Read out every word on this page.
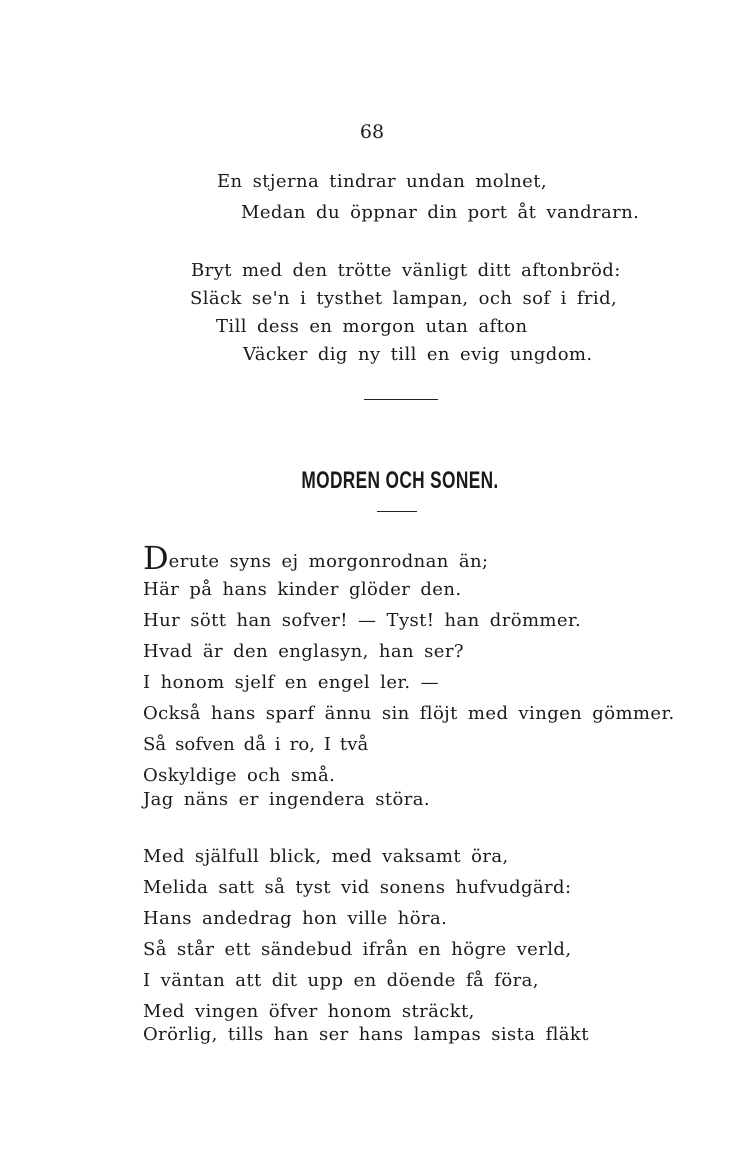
68
En stjerna tindrar undan molnet,
Medan du öppnar din port åt vandrarn.
Bryt med den trötte vänligt ditt aftonbröd:
Släck se'n i tysthet lampan, och sof i frid,
Till dess en morgon utan afton
Väcker dig ny till en evig ungdom.
MODREN OCH SONEN.
Derute syns ej morgonrodnan än;
Här på hans kinder glöder den.
Hur sött han sofver! — Tyst! han drömmer.
Hvad är den englasyn, han ser?
I honom sjelf en engel ler. —
Också hans sparf ännu sin flöjt med vingen gömmer.
Så sofven då i ro, I två
Oskyldige och små.
Jag näns er ingendera störa.
Med själfull blick, med vaksamt öra,
Melida satt så tyst vid sonens hufvudgärd:
Hans andedrag hon ville höra.
Så står ett sändebud ifrån en högre verld,
I väntan att dit upp en döende få föra,
Med vingen öfver honom sträckt,
Orörlig, tills han ser hans lampas sista fläkt
